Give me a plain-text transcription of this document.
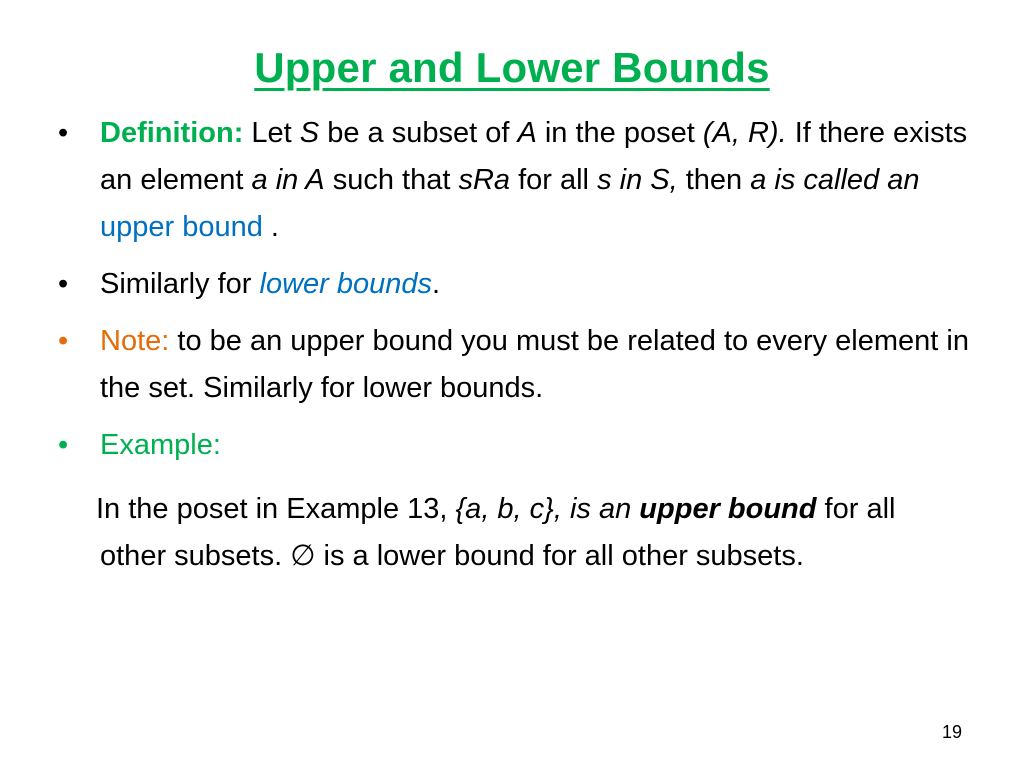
Upper and Lower Bounds
• Definition: Let S be a subset of A in the poset (A, R). If there exists an element a in A such that sRa for all s in S, then a is called an upper bound .
• Similarly for lower bounds.
• Note: to be an upper bound you must be related to every element in the set. Similarly for lower bounds.
• Example:
In the poset in Example 13, {a, b, c}, is an upper bound for all other subsets. ∅ is a lower bound for all other subsets.
19
